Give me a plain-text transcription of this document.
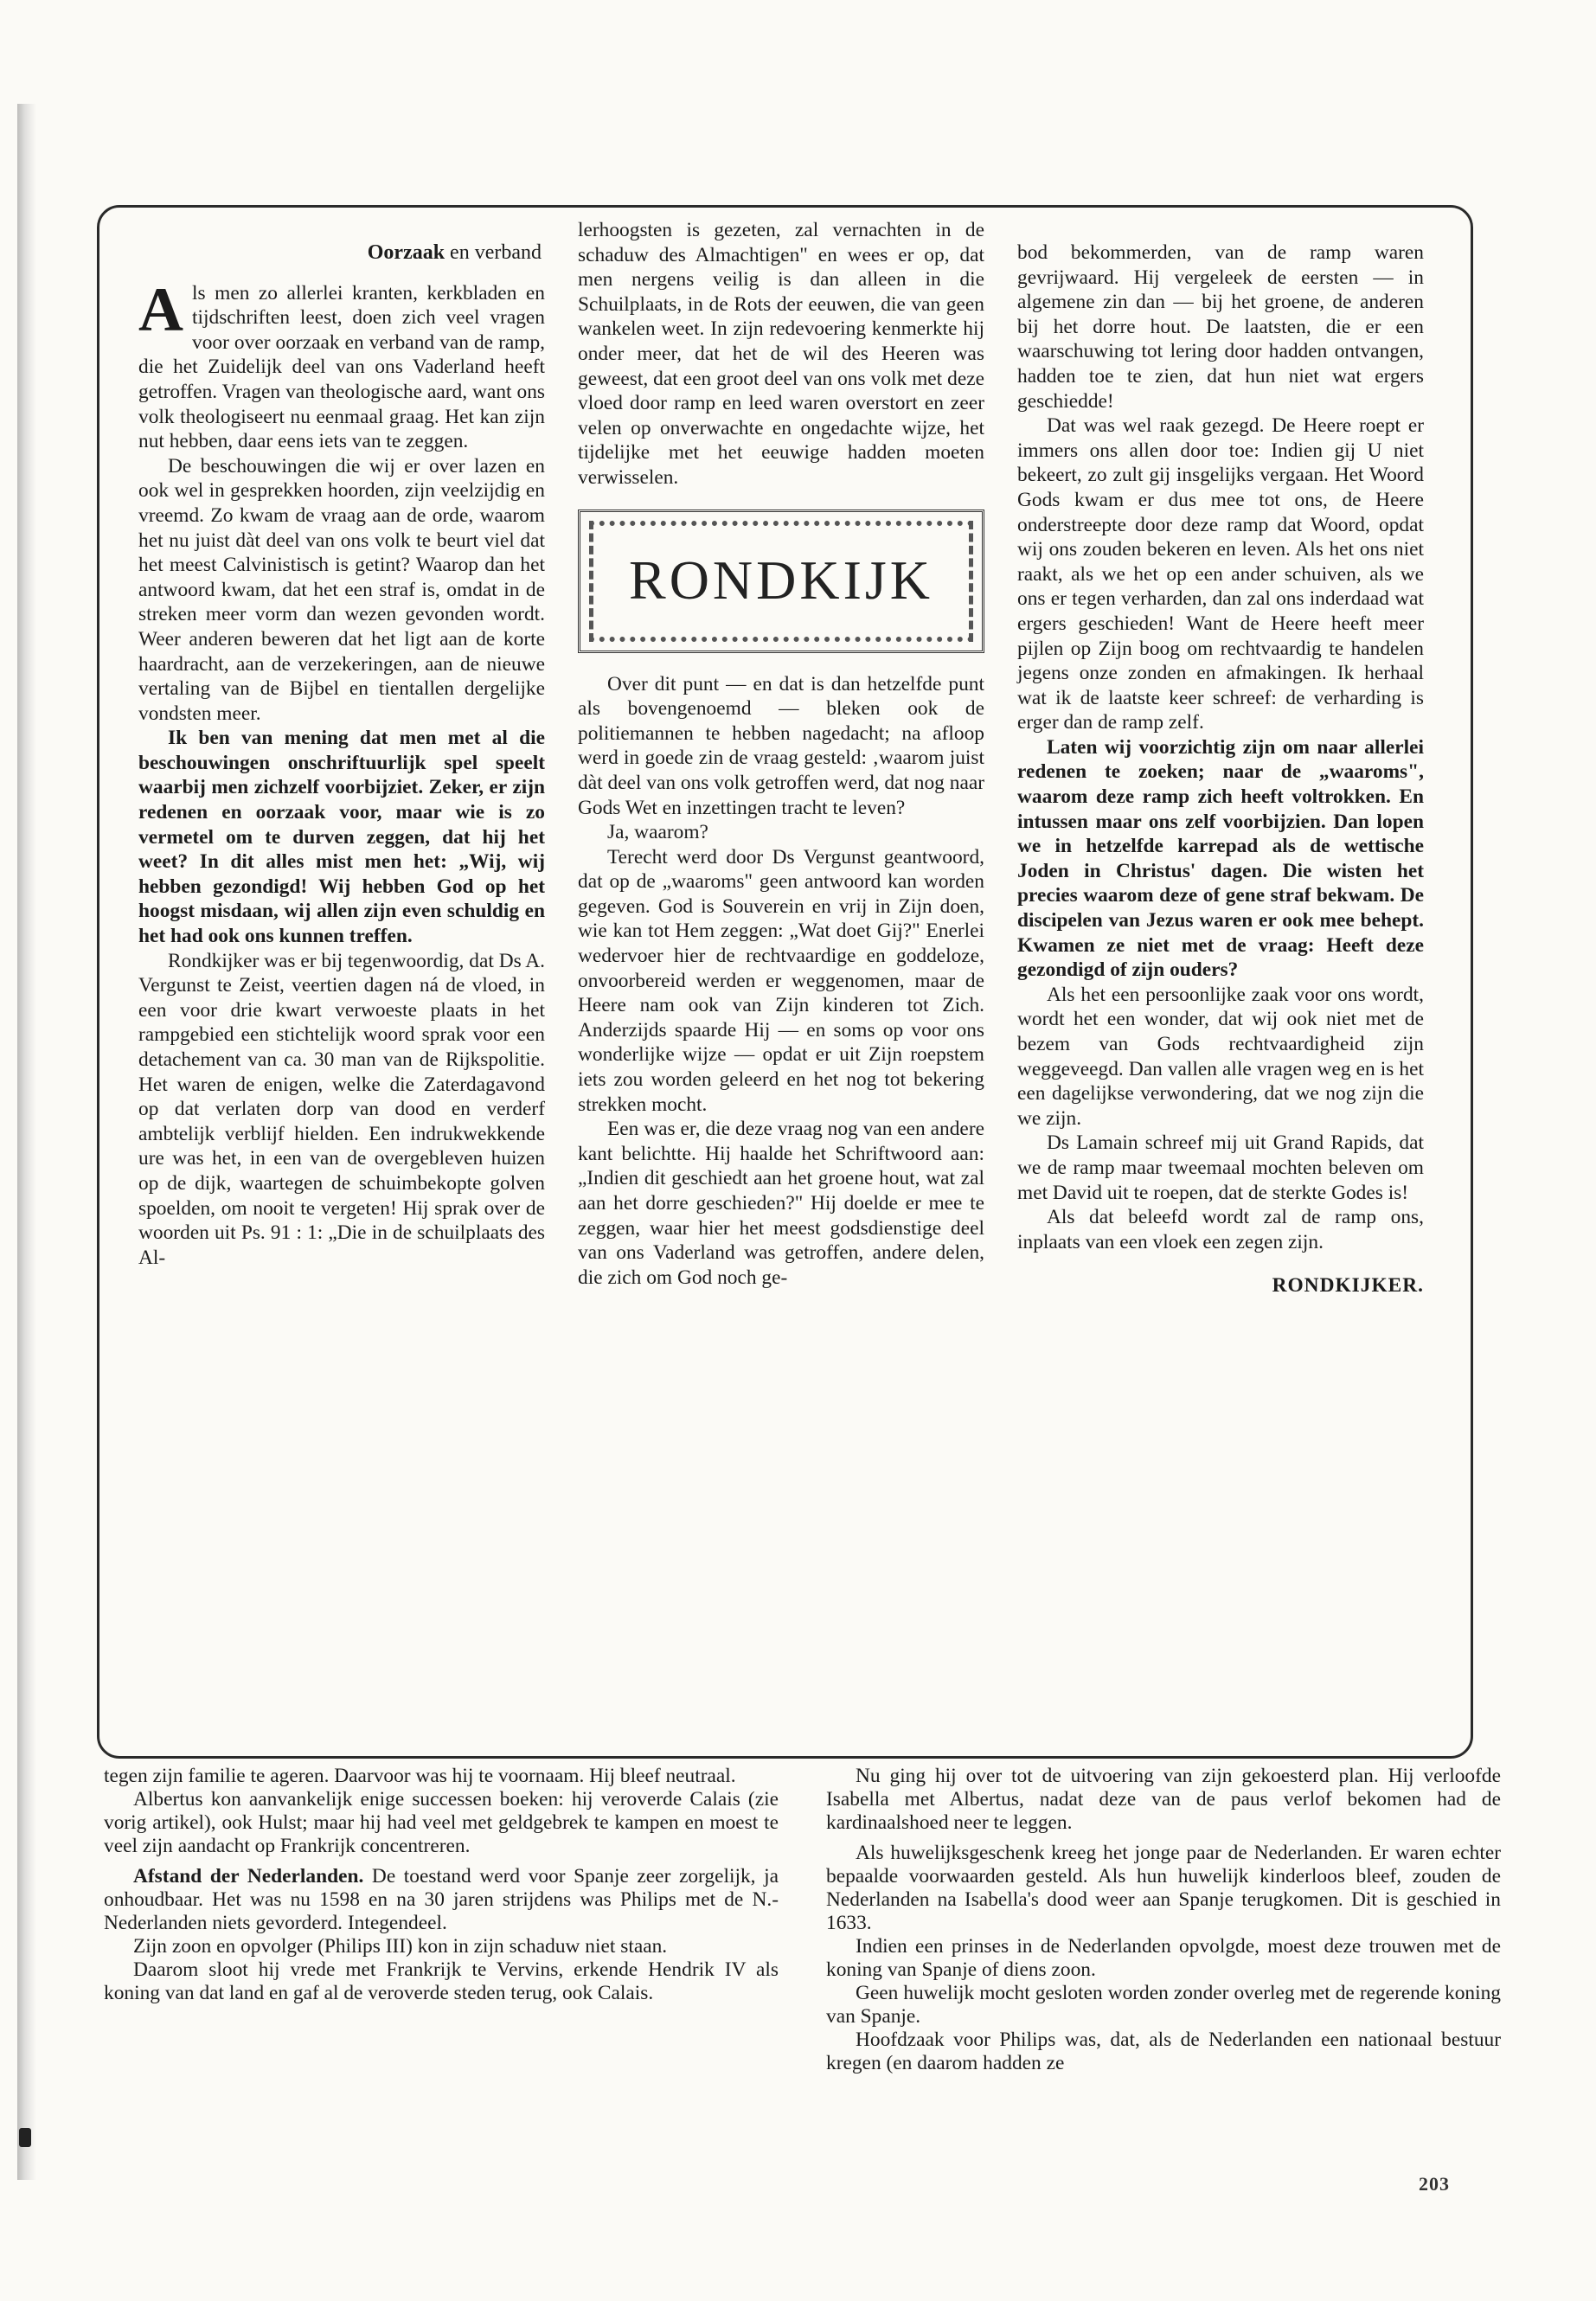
Oorzaak en verband

Als men zo allerlei kranten, kerkbladen en tijdschriften leest, doen zich veel vragen voor over oorzaak en verband van de ramp, die het Zuidelijk deel van ons Vaderland heeft getroffen. Vragen van theologische aard, want ons volk theologiseert nu eenmaal graag. Het kan zijn nut hebben, daar eens iets van te zeggen.

De beschouwingen die wij er over lazen en ook wel in gesprekken hoorden, zijn veelzijdig en vreemd. Zo kwam de vraag aan de orde, waarom het nu juist dàt deel van ons volk te beurt viel dat het meest Calvinistisch is getint? Waarop dan het antwoord kwam, dat het een straf is, omdat in de streken meer vorm dan wezen gevonden wordt. Weer anderen beweren dat het ligt aan de korte haardracht, aan de verzekeringen, aan de nieuwe vertaling van de Bijbel en tientallen dergelijke vondsten meer.

Ik ben van mening dat men met al die beschouwingen onschriftuurlijk spel speelt waarbij men zichzelf voorbijziet. Zeker, er zijn redenen en oorzaak voor, maar wie is zo vermetel om te durven zeggen, dat hij het weet? In dit alles mist men het: „Wij, wij hebben gezondigd! Wij hebben God op het hoogst misdaan, wij allen zijn even schuldig en het had ook ons kunnen treffen.

Rondkijker was er bij tegenwoordig, dat Ds A. Vergunst te Zeist, veertien dagen ná de vloed, in een voor drie kwart verwoeste plaats in het rampgebied een stichtelijk woord sprak voor een detachement van ca. 30 man van de Rijkspolitie. Het waren de enigen, welke die Zaterdagavond op dat verlaten dorp van dood en verderf ambtelijk verblijf hielden. Een indrukwekkende ure was het, in een van de overgebleven huizen op de dijk, waartegen de schuimbekopte golven spoelden, om nooit te vergeten! Hij sprak over de woorden uit Ps. 91 : 1: „Die in de schuilplaats des Al-

lerhoogsten is gezeten, zal vernachten in de schaduw des Almachtigen" en wees er op, dat men nergens veilig is dan alleen in die Schuilplaats, in de Rots der eeuwen, die van geen wankelen weet. In zijn redevoering kenmerkte hij onder meer, dat het de wil des Heeren was geweest, dat een groot deel van ons volk met deze vloed door ramp en leed waren overstort en zeer velen op onverwachte en ongedachte wijze, het tijdelijke met het eeuwige hadden moeten verwisselen.

RONDKIJK

Over dit punt — en dat is dan hetzelfde punt als bovengenoemd — bleken ook de politiemannen te hebben nagedacht; na afloop werd in goede zin de vraag gesteld: ‚waarom juist dàt deel van ons volk getroffen werd, dat nog naar Gods Wet en inzettingen tracht te leven?

Ja, waarom?

Terecht werd door Ds Vergunst geantwoord, dat op de „waaroms" geen antwoord kan worden gegeven. God is Souverein en vrij in Zijn doen, wie kan tot Hem zeggen: „Wat doet Gij?" Enerlei wedervoer hier de rechtvaardige en goddeloze, onvoorbereid werden er weggenomen, maar de Heere nam ook van Zijn kinderen tot Zich. Anderzijds spaarde Hij — en soms op voor ons wonderlijke wijze — opdat er uit Zijn roepstem iets zou worden geleerd en het nog tot bekering strekken mocht.

Een was er, die deze vraag nog van een andere kant belichtte. Hij haalde het Schriftwoord aan: „Indien dit geschiedt aan het groene hout, wat zal aan het dorre geschieden?" Hij doelde er mee te zeggen, waar hier het meest godsdienstige deel van ons Vaderland was getroffen, andere delen, die zich om God noch ge-

bod bekommerden, van de ramp waren gevrijwaard. Hij vergeleek de eersten — in algemene zin dan — bij het groene, de anderen bij het dorre hout. De laatsten, die er een waarschuwing tot lering door hadden ontvangen, hadden toe te zien, dat hun niet wat ergers geschiedde!

Dat was wel raak gezegd. De Heere roept er immers ons allen door toe: Indien gij U niet bekeert, zo zult gij insgelijks vergaan. Het Woord Gods kwam er dus mee tot ons, de Heere onderstreepte door deze ramp dat Woord, opdat wij ons zouden bekeren en leven. Als het ons niet raakt, als we het op een ander schuiven, als we ons er tegen verharden, dan zal ons inderdaad wat ergers geschieden! Want de Heere heeft meer pijlen op Zijn boog om rechtvaardig te handelen jegens onze zonden en afmakingen. Ik herhaal wat ik de laatste keer schreef: de verharding is erger dan de ramp zelf.

Laten wij voorzichtig zijn om naar allerlei redenen te zoeken; naar de „waaroms", waarom deze ramp zich heeft voltrokken. En intussen maar ons zelf voorbijzien. Dan lopen we in hetzelfde karrepad als de wettische Joden in Christus' dagen. Die wisten het precies waarom deze of gene straf bekwam. De discipelen van Jezus waren er ook mee behept. Kwamen ze niet met de vraag: Heeft deze gezondigd of zijn ouders?

Als het een persoonlijke zaak voor ons wordt, wordt het een wonder, dat wij ook niet met de bezem van Gods rechtvaardigheid zijn weggeveegd. Dan vallen alle vragen weg en is het een dagelijkse verwondering, dat we nog zijn die we zijn.

Ds Lamain schreef mij uit Grand Rapids, dat we de ramp maar tweemaal mochten beleven om met David uit te roepen, dat de sterkte Godes is!

Als dat beleefd wordt zal de ramp ons, inplaats van een vloek een zegen zijn.

RONDKIJKER.

tegen zijn familie te ageren. Daarvoor was hij te voornaam. Hij bleef neutraal.

Albertus kon aanvankelijk enige successen boeken: hij veroverde Calais (zie vorig artikel), ook Hulst; maar hij had veel met geldgebrek te kampen en moest te veel zijn aandacht op Frankrijk concentreren.

Afstand der Nederlanden. De toestand werd voor Spanje zeer zorgelijk, ja onhoudbaar. Het was nu 1598 en na 30 jaren strijdens was Philips met de N.-Nederlanden niets gevorderd. Integendeel.

Zijn zoon en opvolger (Philips III) kon in zijn schaduw niet staan.

Daarom sloot hij vrede met Frankrijk te Vervins, erkende Hendrik IV als koning van dat land en gaf al de veroverde steden terug, ook Calais.

Nu ging hij over tot de uitvoering van zijn gekoesterd plan. Hij verloofde Isabella met Albertus, nadat deze van de paus verlof bekomen had de kardinaalshoed neer te leggen.

Als huwelijksgeschenk kreeg het jonge paar de Nederlanden. Er waren echter bepaalde voorwaarden gesteld. Als hun huwelijk kinderloos bleef, zouden de Nederlanden na Isabella's dood weer aan Spanje terugkomen. Dit is geschied in 1633.

Indien een prinses in de Nederlanden opvolgde, moest deze trouwen met de koning van Spanje of diens zoon.

Geen huwelijk mocht gesloten worden zonder overleg met de regerende koning van Spanje.

Hoofdzaak voor Philips was, dat, als de Nederlanden een nationaal bestuur kregen (en daarom hadden ze

203
